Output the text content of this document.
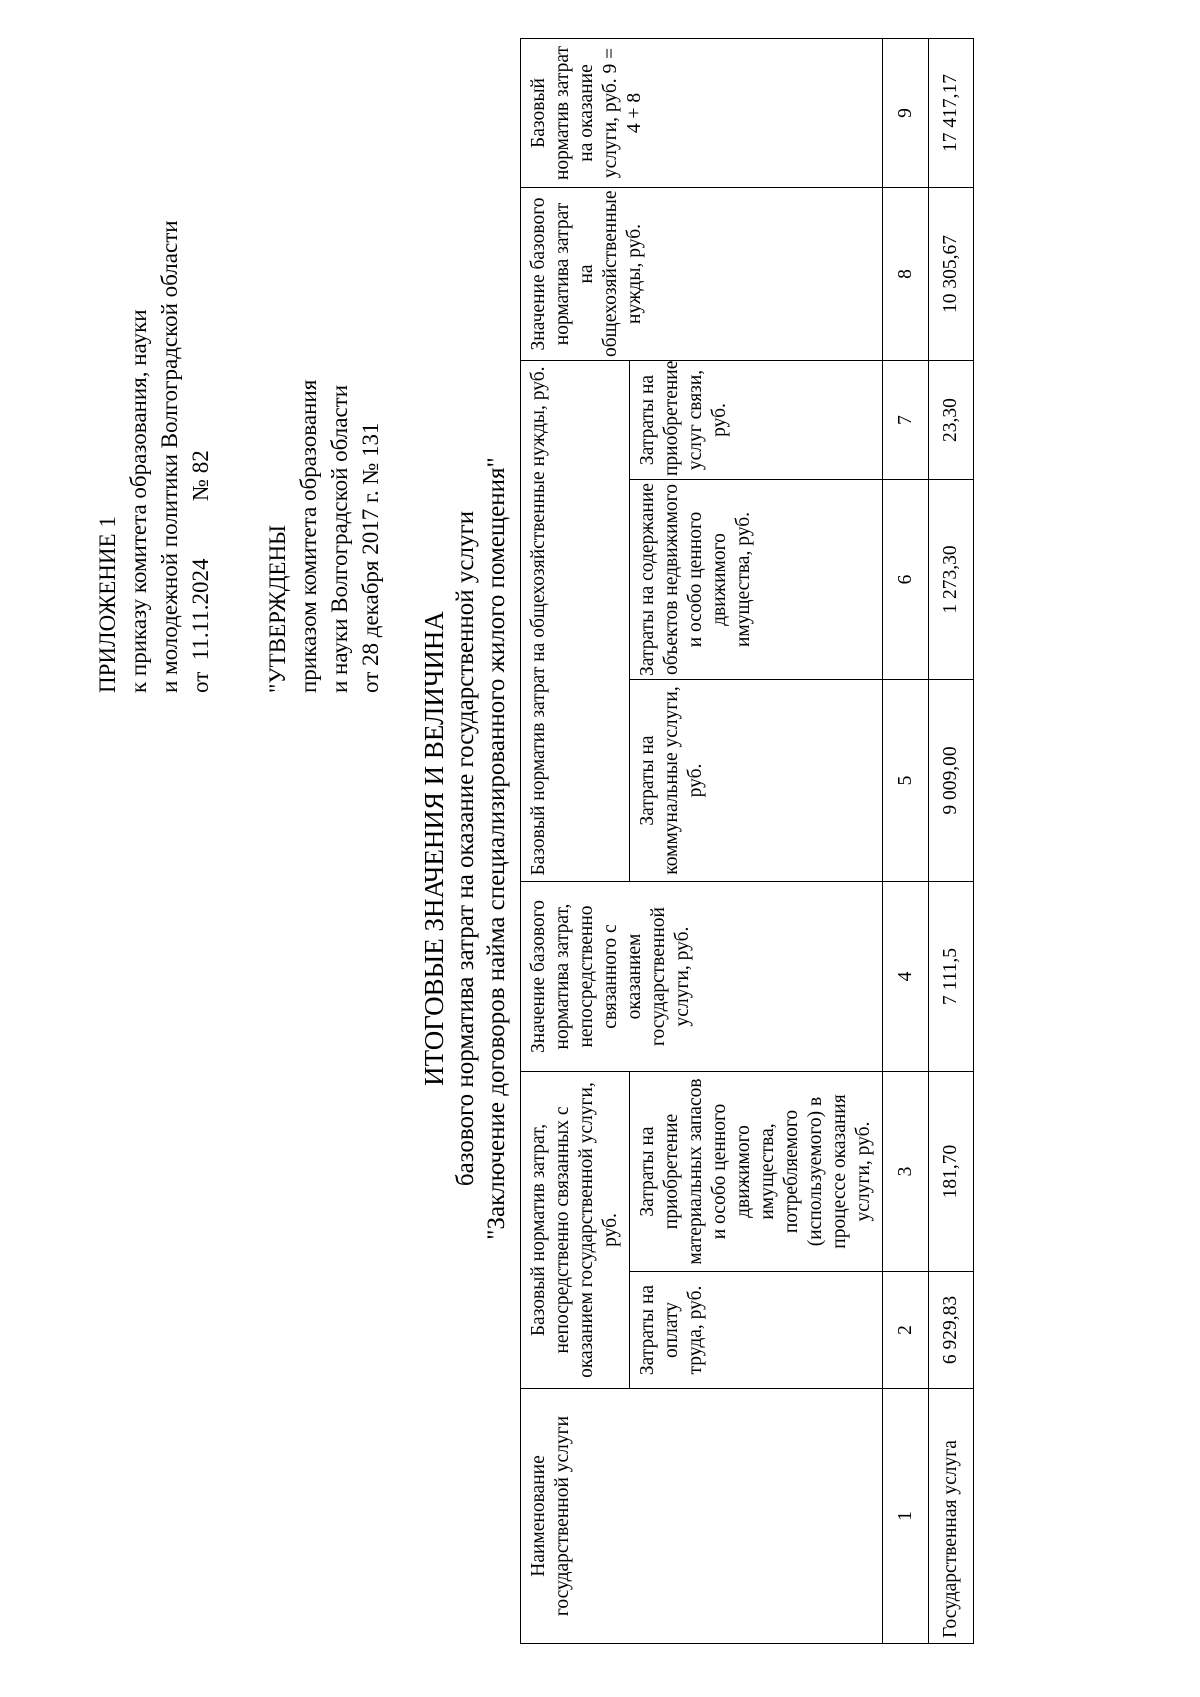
ПРИЛОЖЕНИЕ 1 к приказу комитета образования, науки и молодежной политики Волгоградской области от  11.11.2024          № 82 "УТВЕРЖДЕНЫ приказом комитета образования и науки Волгоградской области от 28 декабря 2017 г. № 131
ИТОГОВЫЕ ЗНАЧЕНИЯ И ВЕЛИЧИНА базового норматива затрат на оказание государственной услуги "Заключение договоров найма специализированного жилого помещения"
Наименование государственной услуги	Базовый норматив затрат, непосредственно связанных с оказанием государственной услуги, руб.		Значение базового норматива затрат, непосредственно связанного с оказанием государственной услуги, руб.	Базовый норматив затрат на общехозяйственные нужды, руб.			Значение базового норматива затрат на общехозяйственные нужды, руб.	Базовый норматив затрат на оказание услуги, руб. 9 = 4 + 8
	Затраты на оплату труда, руб.	Затраты на приобретение материальных запасов и особо ценного движимого имущества, потребляемого (используемого) в процессе оказания услуги, руб.		Затраты на коммунальные услуги, руб.	Затраты на содержание объектов недвижимого и особо ценного движимого имущества, руб.	Затраты на приобретение услуг связи, руб.		
1	2	3	4	5	6	7	8	9
Государственная услуга	6 929,83	181,70	7 111,5	9 009,00	1 273,30	23,30	10 305,67	17 417,17
